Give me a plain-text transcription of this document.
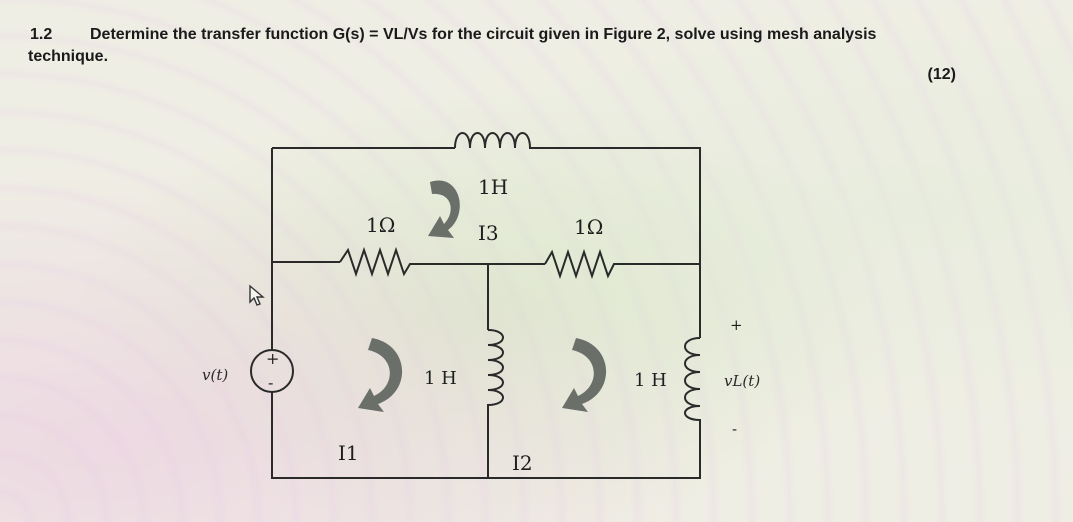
1.2 Determine the transfer function G(s) = VL/Vs for the circuit given in Figure 2, solve using mesh analysis
technique.
(12)
+
-
1H
1Ω	1Ω
1 H	1 H
v(t)	vL(t)
+
-
I3
I1	I2
